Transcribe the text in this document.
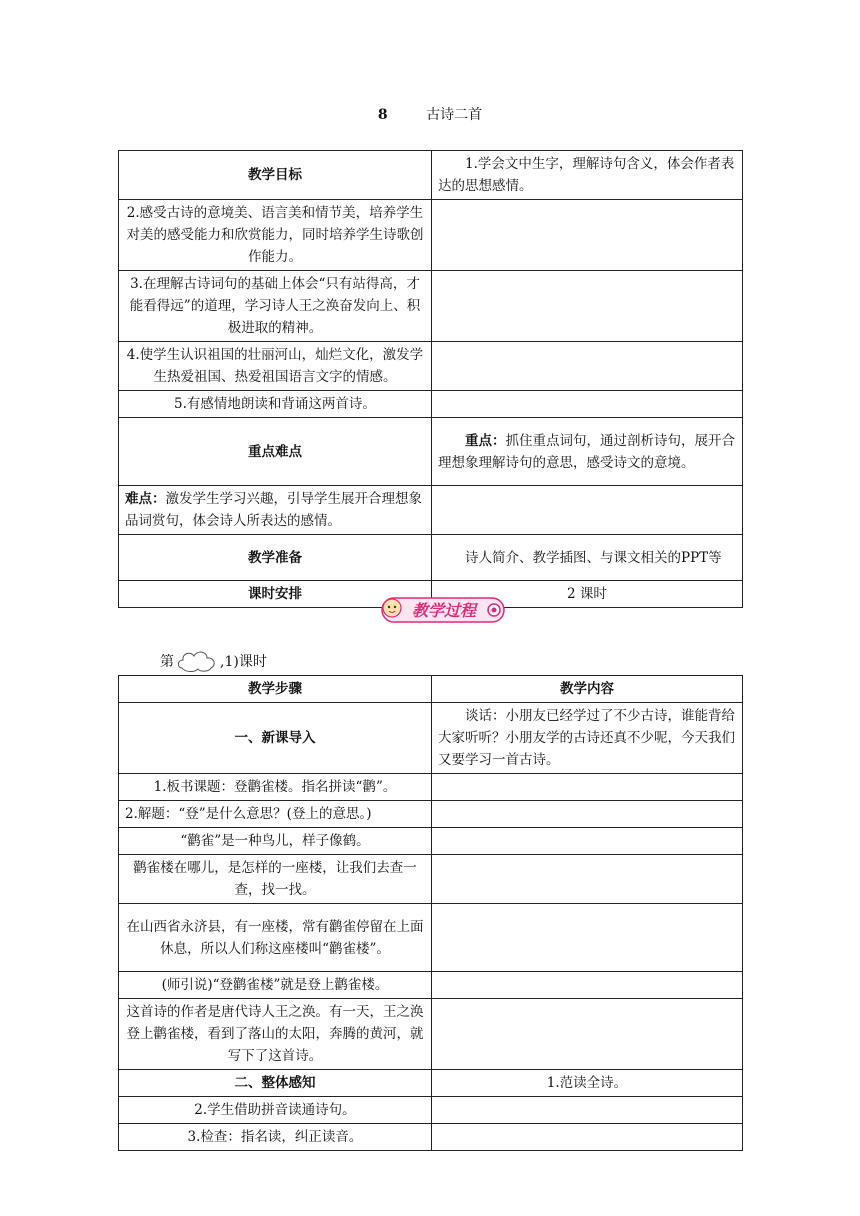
8	古诗二首
教学目标	1.学会文中生字，理解诗句含义，体会作者表达的思想感情。
2.感受古诗的意境美、语言美和情节美，培养学生对美的感受能力和欣赏能力，同时培养学生诗歌创作能力。	
3.在理解古诗词句的基础上体会“只有站得高，才能看得远”的道理，学习诗人王之涣奋发向上、积极进取的精神。	
4.使学生认识祖国的壮丽河山，灿烂文化，激发学生热爱祖国、热爱祖国语言文字的情感。	
5.有感情地朗读和背诵这两首诗。	
重点难点	重点：抓住重点词句，通过剖析诗句，展开合理想象理解诗句的意思，感受诗文的意境。
难点：激发学生学习兴趣，引导学生展开合理想象品词赏句，体会诗人所表达的感情。	
教学准备	诗人简介、教学插图、与课文相关的PPT等
课时安排	2 课时
教学过程
第	,1)课时
教学步骤	教学内容
一、新课导入	谈话：小朋友已经学过了不少古诗，谁能背给大家听听？小朋友学的古诗还真不少呢，今天我们又要学习一首古诗。
1.板书课题：登鹳雀楼。指名拼读“鹳”。	
2.解题：“登”是什么意思？(登上的意思。)	
“鹳雀”是一种鸟儿，样子像鹤。	
鹳雀楼在哪儿，是怎样的一座楼，让我们去查一查，找一找。	
在山西省永济县，有一座楼，常有鹳雀停留在上面休息，所以人们称这座楼叫“鹳雀楼”。	
(师引说)“登鹳雀楼”就是登上鹳雀楼。	
这首诗的作者是唐代诗人王之涣。有一天，王之涣登上鹳雀楼，看到了落山的太阳，奔腾的黄河，就写下了这首诗。	
二、整体感知	1.范读全诗。
2.学生借助拼音读通诗句。	
3.检查：指名读，纠正读音。	
